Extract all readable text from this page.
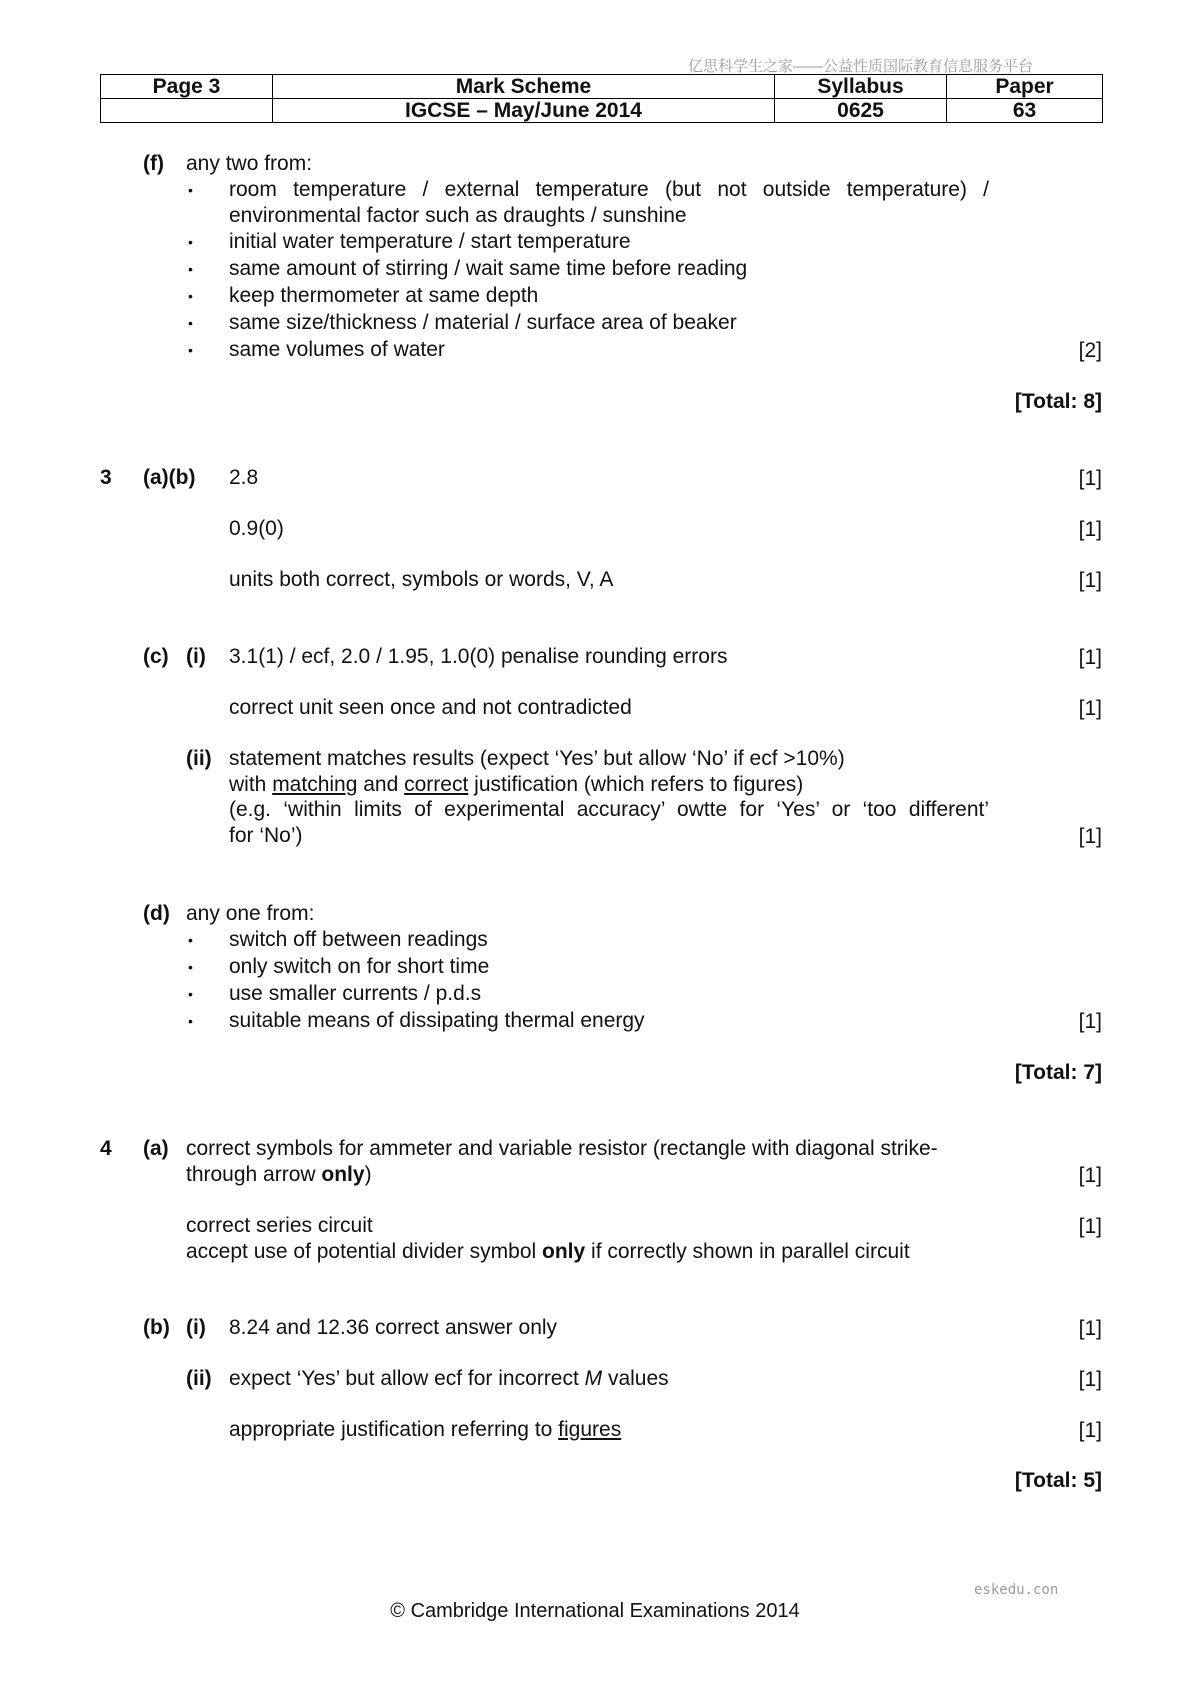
亿思科学生之家——公益性质国际教育信息服务平台
Page 3	Mark Scheme	Syllabus	Paper
	IGCSE – May/June 2014	0625	63
(f) any two from:
• room temperature / external temperature (but not outside temperature) /
environmental factor such as draughts / sunshine
• initial water temperature / start temperature
• same amount of stirring / wait same time before reading
• keep thermometer at same depth
• same size/thickness / material / surface area of beaker
• same volumes of water	[2]
[Total: 8]
3 (a)(b) 2.8	[1]
0.9(0)	[1]
units both correct, symbols or words, V, A	[1]
(c) (i) 3.1(1) / ecf, 2.0 / 1.95, 1.0(0) penalise rounding errors	[1]
correct unit seen once and not contradicted	[1]
(ii) statement matches results (expect ‘Yes’ but allow ‘No’ if ecf >10%)
with matching and correct justification (which refers to figures)
(e.g. ‘within limits of experimental accuracy’ owtte for ‘Yes’ or ‘too different’
for ‘No’)	[1]
(d) any one from:
• switch off between readings
• only switch on for short time
• use smaller currents / p.d.s
• suitable means of dissipating thermal energy	[1]
[Total: 7]
4 (a) correct symbols for ammeter and variable resistor (rectangle with diagonal strike-
through arrow only)	[1]
correct series circuit	[1]
accept use of potential divider symbol only if correctly shown in parallel circuit
(b) (i) 8.24 and 12.36 correct answer only	[1]
(ii) expect ‘Yes’ but allow ecf for incorrect M values	[1]
appropriate justification referring to figures	[1]
[Total: 5]
eskedu.con
© Cambridge International Examinations 2014
